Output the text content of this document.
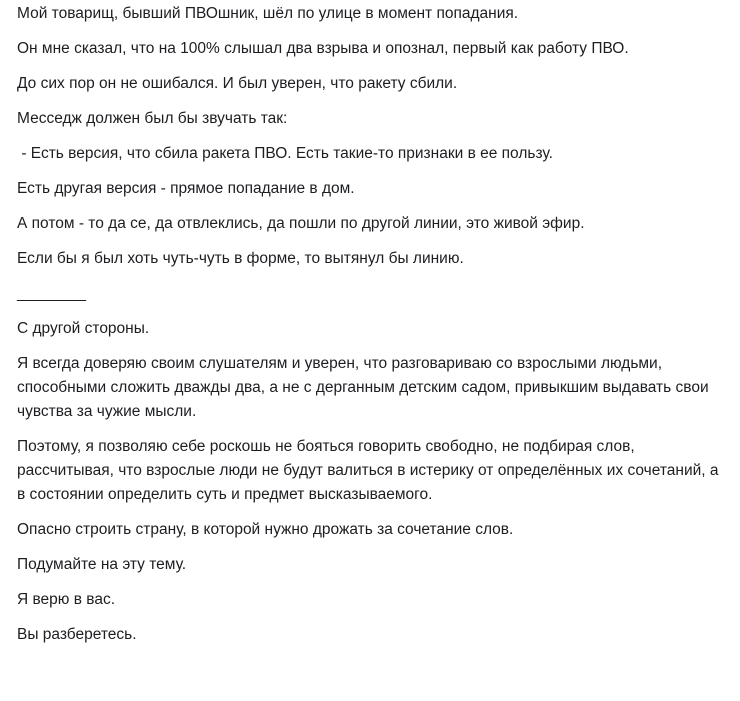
Мой товарищ, бывший ПВОшник, шёл по улице в момент попадания.

Он мне сказал, что на 100% слышал два взрыва и опознал, первый как работу ПВО.

До сих пор он не ошибался. И был уверен, что ракету сбили.

Месседж должен был бы звучать так:

- Есть версия, что сбила ракета ПВО. Есть такие-то признаки в ее пользу.

Есть другая версия - прямое попадание в дом.

А потом - то да се, да отвлеклись, да пошли по другой линии, это живой эфир.

Если бы я был хоть чуть-чуть в форме, то вытянул бы линию.

________

С другой стороны.

Я всегда доверяю своим слушателям и уверен, что разговариваю со взрослыми людьми, способными сложить дважды два, а не с дерганным детским садом, привыкшим выдавать свои чувства за чужие мысли.

Поэтому, я позволяю себе роскошь не бояться говорить свободно, не подбирая слов, рассчитывая, что взрослые люди не будут валиться в истерику от определённых их сочетаний, а в состоянии определить суть и предмет высказываемого.

Опасно строить страну, в которой нужно дрожать за сочетание слов.

Подумайте на эту тему.

Я верю в вас.

Вы разберетесь.
